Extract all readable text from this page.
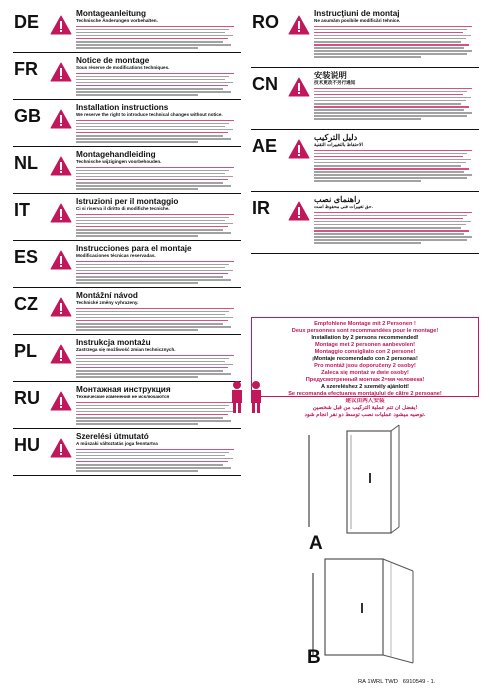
DE	Montageanleitung
Technische Änderungen vorbehalten.
FR	Notice de montage
Sous réserve de modifications techniques.
GB	Installation instructions
We reserve the right to introduce technical changes without notice.
NL	Montagehandleiding
Technische wijzigingen voorbehouden.
IT	Istruzioni per il montaggio
Ci si riserva il diritto di modifiche tecniche.
ES	Instrucciones para el montaje
Modificaciones técnicas reservadas.
CZ	Montážní návod
Technické změny vyhrazeny.
PL	Instrukcja montażu
Zastrzega się możliwość zmian technicznych.
RU	Монтажная инструкция
Технические изменения не исключаются
HU	Szerelési útmutató
A műszaki változtatás joga fenntartva
RO	Instrucţiuni de montaj
Ne asumăm posibile modificări tehnice.
CN	安装说明
技术更改不另行通知
AE	دليل التركيب
الاحتفاظ بالتغييرات التقنية
IR	راهنمای نصب
حق تغییرات فنی محفوظ است.
Empfohlene Montage mit 2 Personen !
Deux personnes sont recommandées pour le montage!
Installation by 2 persons recommended!
Montage met 2 personen aanbevolen!
Montaggio consigliato con 2 persone!
¡Montaje recomendado con 2 personas!
Pro montáž jsou doporučeny 2 osoby!
Zaleca się montaż w dwie osoby!
Предусмотренный монтаж 2=мя человека!
A szereléshez 2 személy ajánlott!
Se recomanda efectuarea montajului de către 2 persoane!
建议由两人安装
يفضل أن تتم عملية التركيب من قبل شخصين!
توصیه میشود عملیات نصب توسط دو نفر انجام شود.
A
B
RA 1WRL TWD 6910549 - 1.
